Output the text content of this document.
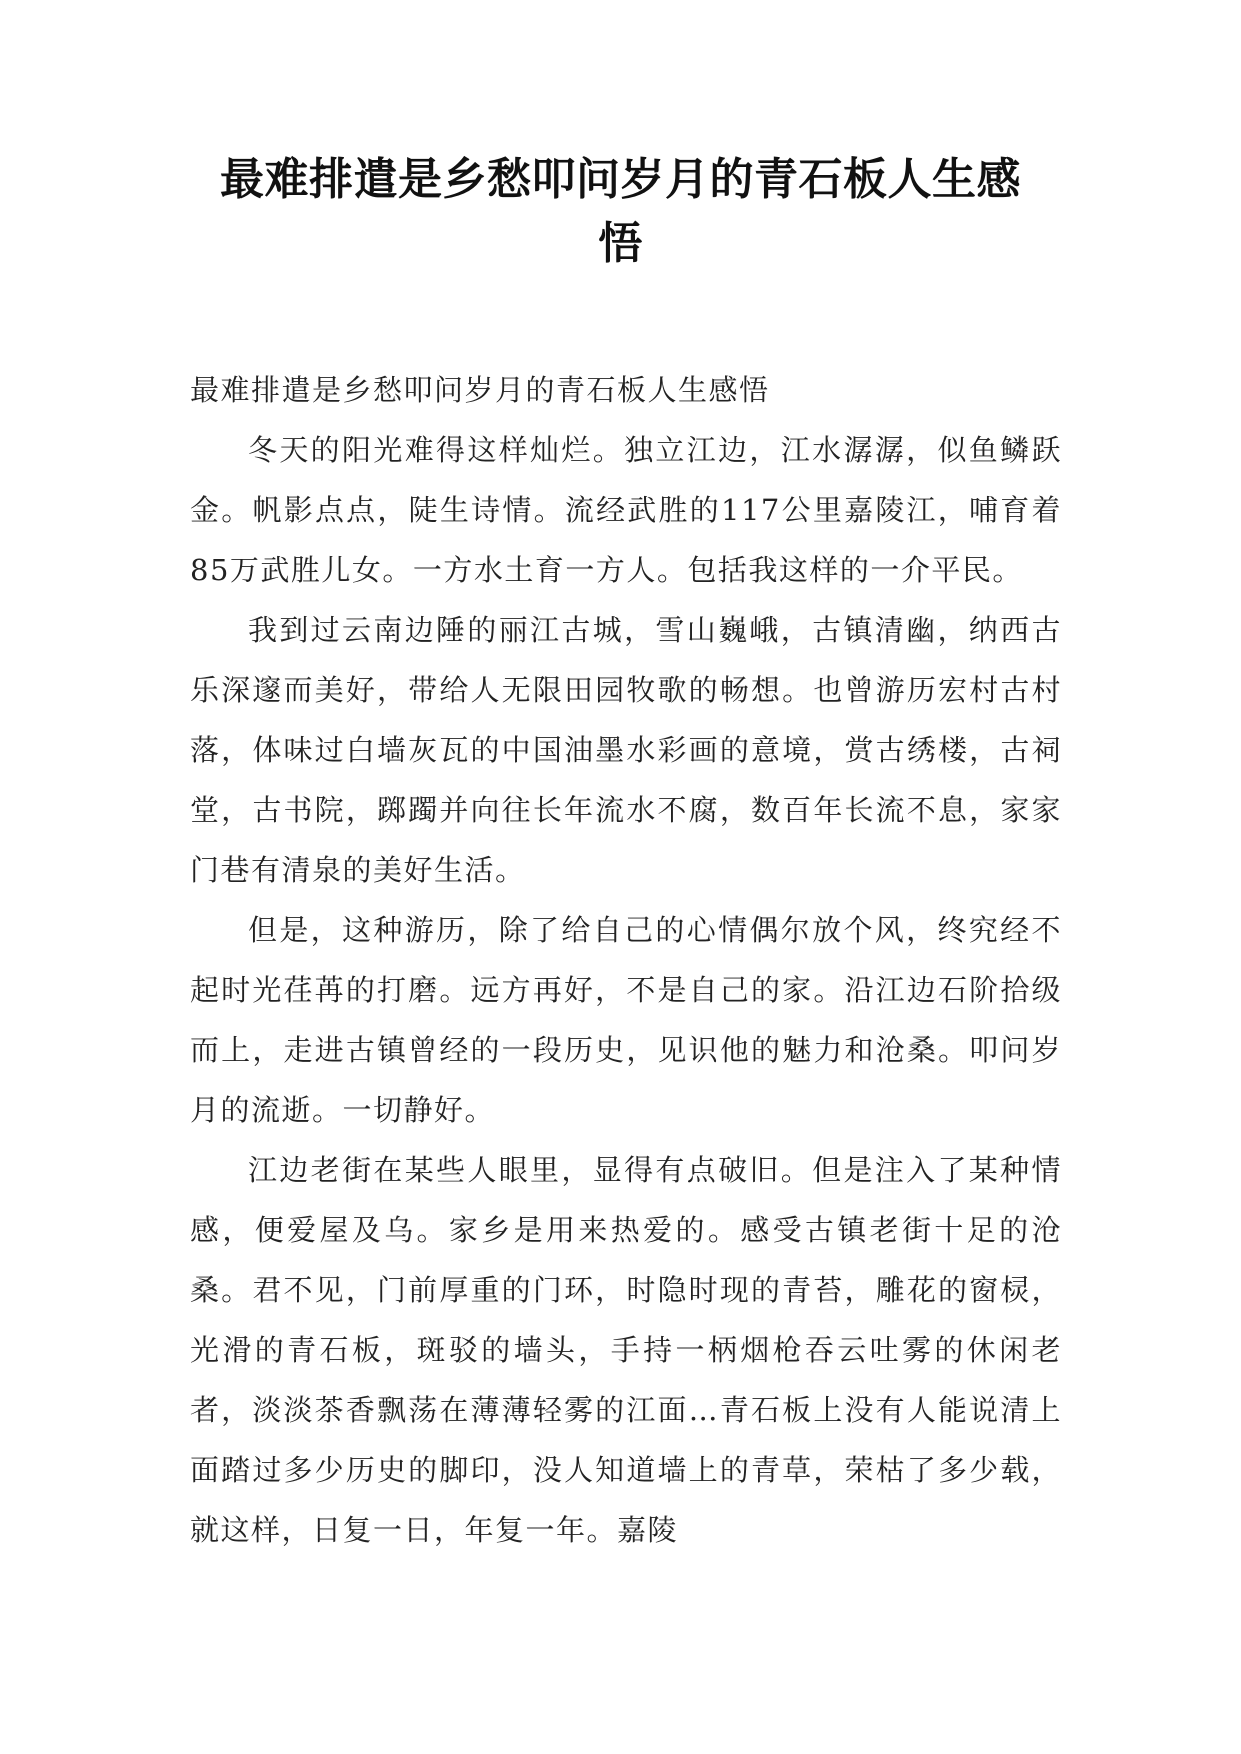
最难排遣是乡愁叩问岁月的青石板人生感
悟

最难排遣是乡愁叩问岁月的青石板人生感悟

冬天的阳光难得这样灿烂。独立江边，江水潺潺，似鱼鳞跃金。帆影点点，陡生诗情。流经武胜的117公里嘉陵江，哺育着85万武胜儿女。一方水土育一方人。包括我这样的一介平民。

我到过云南边陲的丽江古城，雪山巍峨，古镇清幽，纳西古乐深邃而美好，带给人无限田园牧歌的畅想。也曾游历宏村古村落，体味过白墙灰瓦的中国油墨水彩画的意境，赏古绣楼，古祠堂，古书院，踯躅并向往长年流水不腐，数百年长流不息，家家门巷有清泉的美好生活。

但是，这种游历，除了给自己的心情偶尔放个风，终究经不起时光荏苒的打磨。远方再好，不是自己的家。沿江边石阶拾级而上，走进古镇曾经的一段历史，见识他的魅力和沧桑。叩问岁月的流逝。一切静好。

江边老街在某些人眼里，显得有点破旧。但是注入了某种情感，便爱屋及乌。家乡是用来热爱的。感受古镇老街十足的沧桑。君不见，门前厚重的门环，时隐时现的青苔，雕花的窗棂，光滑的青石板，斑驳的墙头，手持一柄烟枪吞云吐雾的休闲老者，淡淡茶香飘荡在薄薄轻雾的江面…青石板上没有人能说清上面踏过多少历史的脚印，没人知道墙上的青草，荣枯了多少载，就这样，日复一日，年复一年。嘉陵
